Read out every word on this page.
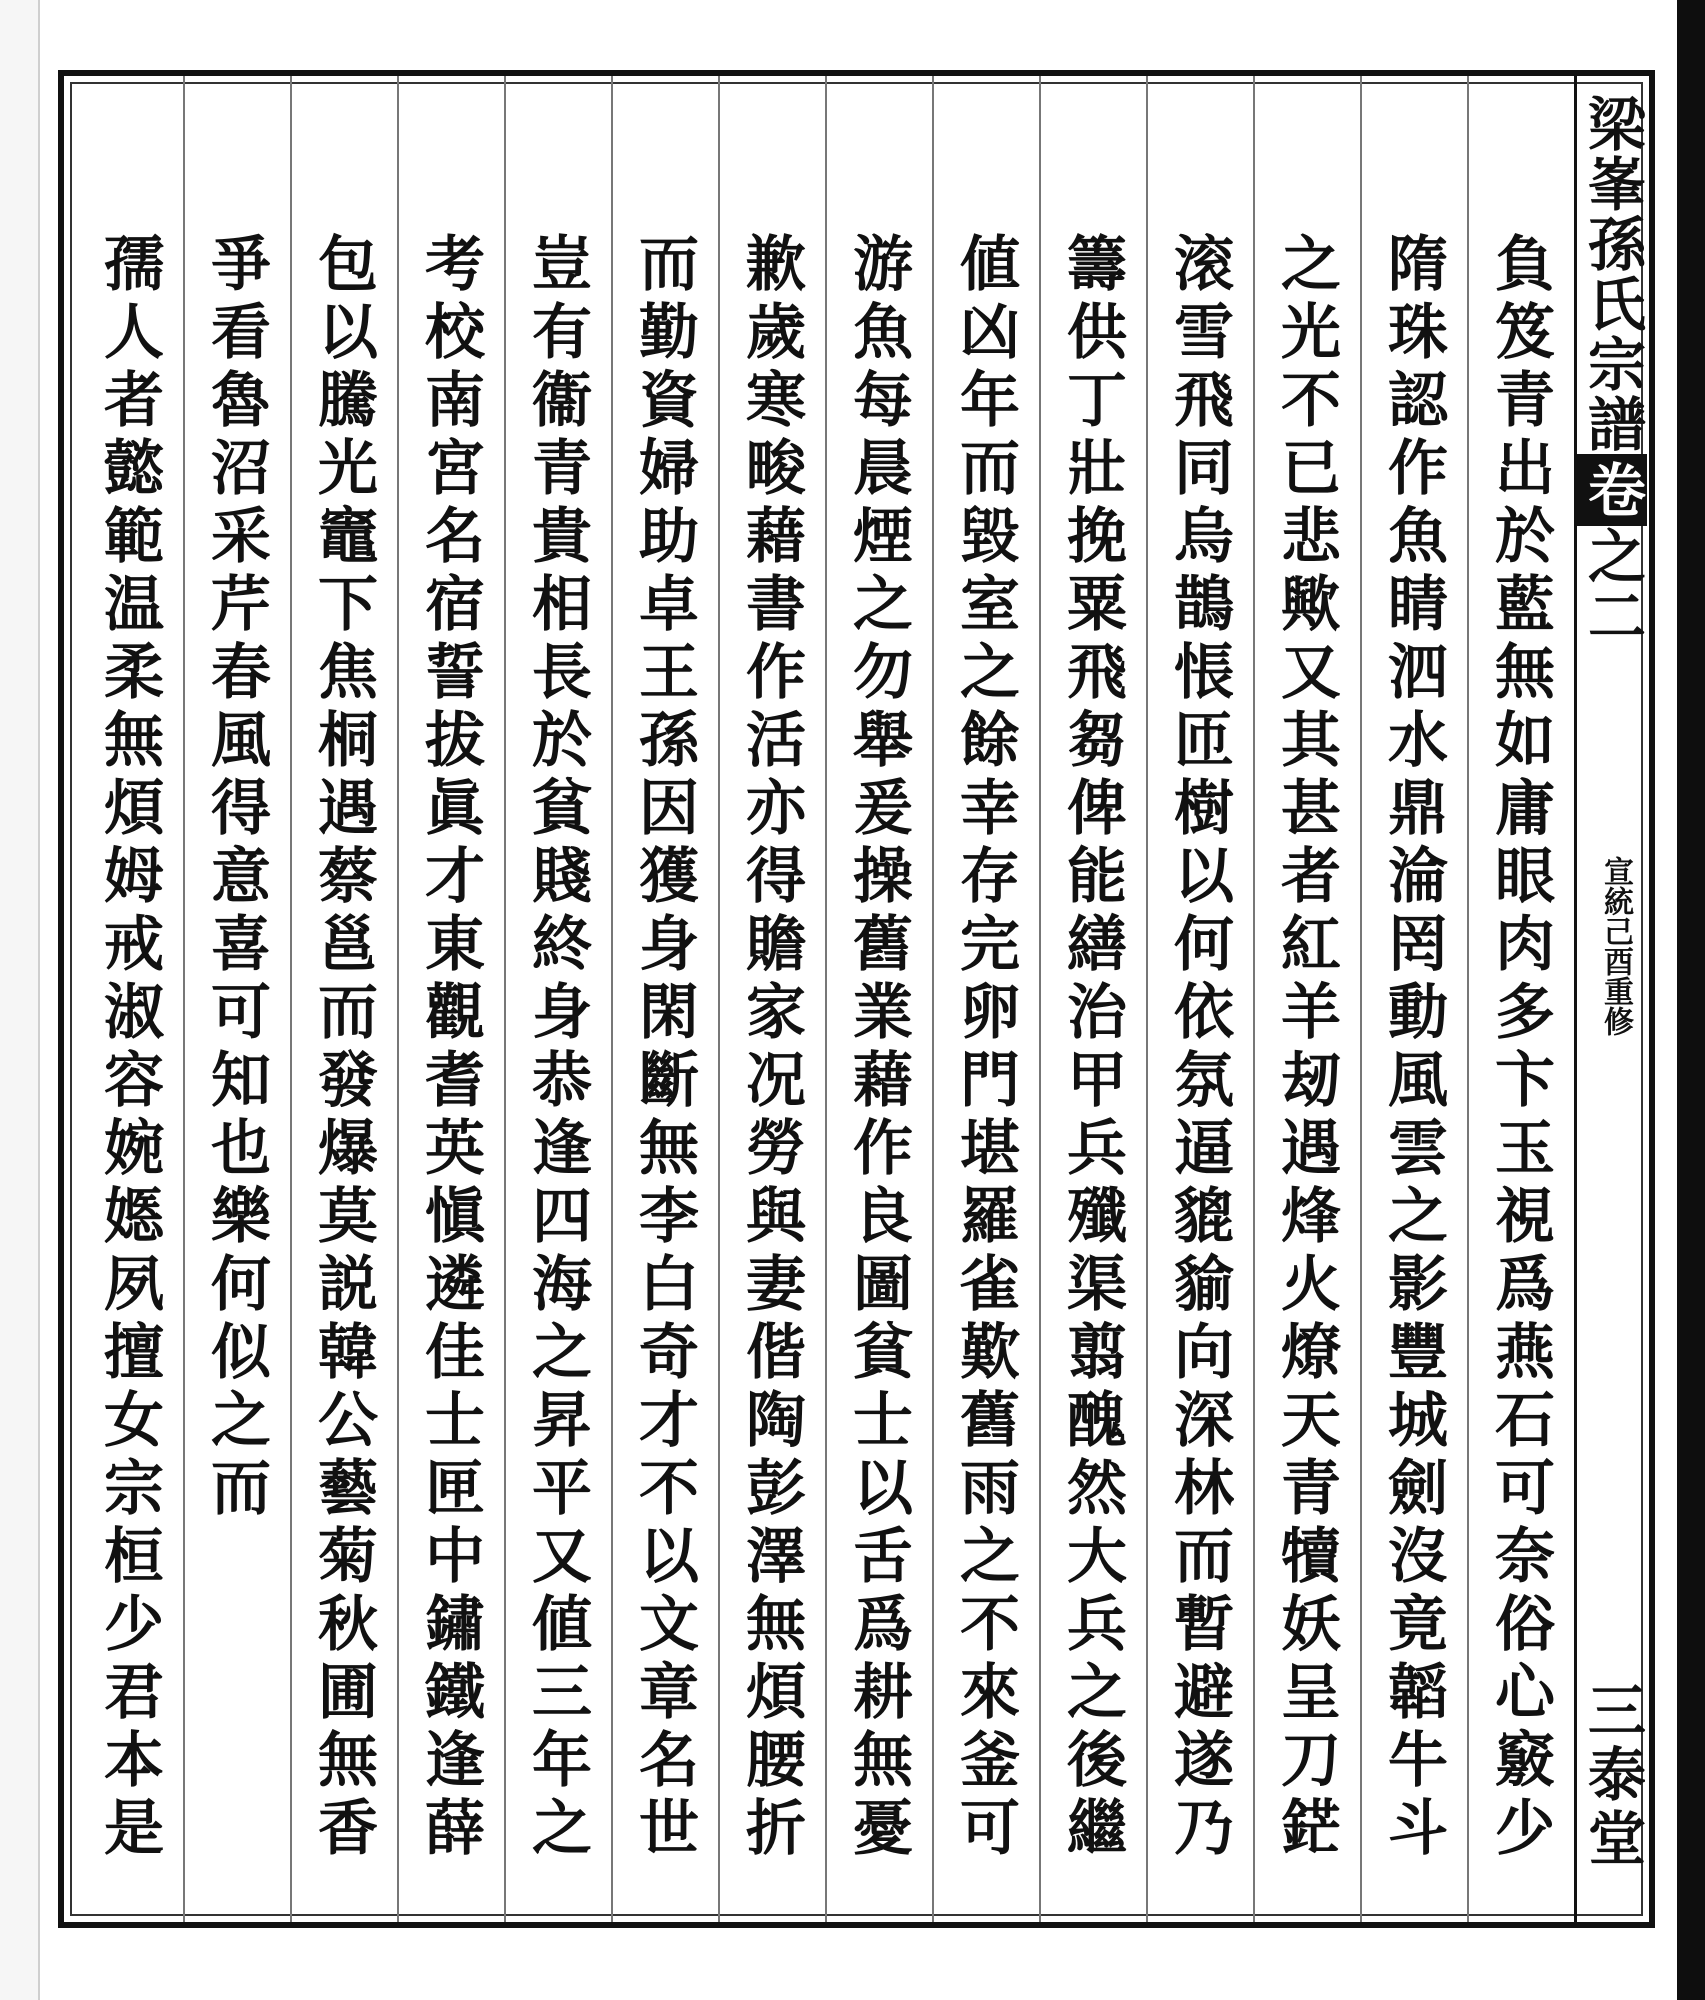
梁峯孫氏宗譜卷之二
宣統己酉重修
三泰堂
負笈青出於藍無如庸眼肉多卞玉視爲燕石可奈俗心竅少
隋珠認作魚睛泗水鼎淪罔動風雲之影豐城劍沒竟韜牛斗
之光不已悲歟又其甚者紅羊刼遇烽火燎天青犢妖呈刀鋩
滚雪飛同烏鵲悵匝樹以何依氛逼貔貐向深林而暫避遂乃
籌供丁壯挽粟飛芻俾能繕治甲兵殲渠翦醜然大兵之後繼
値凶年而毀室之餘幸存完卵門堪羅雀歎舊雨之不來釜可
游魚每晨煙之勿舉爰操舊業藉作良圖貧士以舌爲耕無憂
歉歲寒畯藉書作活亦得贍家况勞與妻偕陶彭澤無煩腰折
而勤資婦助卓王孫因獲身閑斷無李白奇才不以文章名世
豈有衞青貴相長於貧賤終身恭逢四海之昇平又値三年之
考校南宮名宿誓拔眞才東觀耆英愼遴佳士匣中鏽鐵逢薛
包以騰光竈下焦桐遇蔡邕而發爆莫説韓公藝菊秋圃無香
爭看魯沼采芹春風得意喜可知也樂何似之而
孺人者懿範温柔無煩姆戒淑容婉嫕夙擅女宗桓少君本是
